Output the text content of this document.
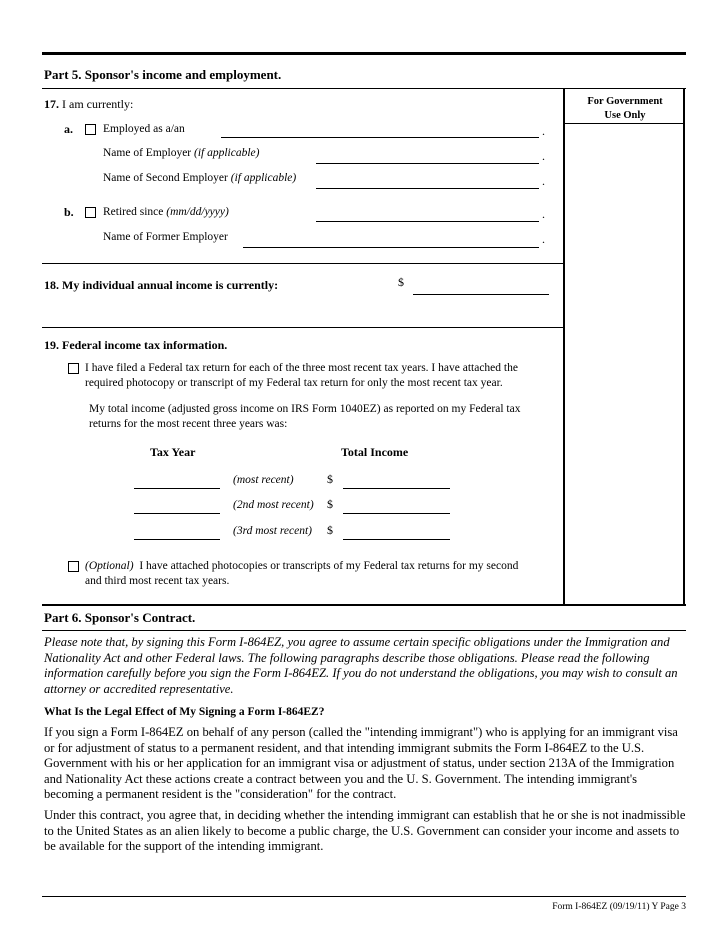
Part 5. Sponsor's income and employment.
For Government Use Only
17. I am currently:
a.	Employed as a/an	.
Name of Employer (if applicable)	.
Name of Second Employer (if applicable)	.
b.	Retired since (mm/dd/yyyy)	.
Name of Former Employer	.
18. My individual annual income is currently:	$
19. Federal income tax information.
I have filed a Federal tax return for each of the three most recent tax years. I have attached the
required photocopy or transcript of my Federal tax return for only the most recent tax year.
My total income (adjusted gross income on IRS Form 1040EZ) as reported on my Federal tax
returns for the most recent three years was:
Tax Year	Total Income
(most recent)	$
(2nd most recent) $
(3rd most recent) $
(Optional) I have attached photocopies or transcripts of my Federal tax returns for my second
and third most recent tax years.
Part 6. Sponsor's Contract.
Please note that, by signing this Form I-864EZ, you agree to assume certain specific obligations under the Immigration and Nationality Act and other Federal laws. The following paragraphs describe those obligations. Please read the following information carefully before you sign the Form I-864EZ. If you do not understand the obligations, you may wish to consult an attorney or accredited representative.
What Is the Legal Effect of My Signing a Form I-864EZ?
If you sign a Form I-864EZ on behalf of any person (called the "intending immigrant") who is applying for an immigrant visa or for adjustment of status to a permanent resident, and that intending immigrant submits the Form I-864EZ to the U.S. Government with his or her application for an immigrant visa or adjustment of status, under section 213A of the Immigration and Nationality Act these actions create a contract between you and the U. S. Government. The intending immigrant's becoming a permanent resident is the "consideration" for the contract.
Under this contract, you agree that, in deciding whether the intending immigrant can establish that he or she is not inadmissible to the United States as an alien likely to become a public charge, the U.S. Government can consider your income and assets to be available for the support of the intending immigrant.
Form I-864EZ (09/19/11) Y Page 3
